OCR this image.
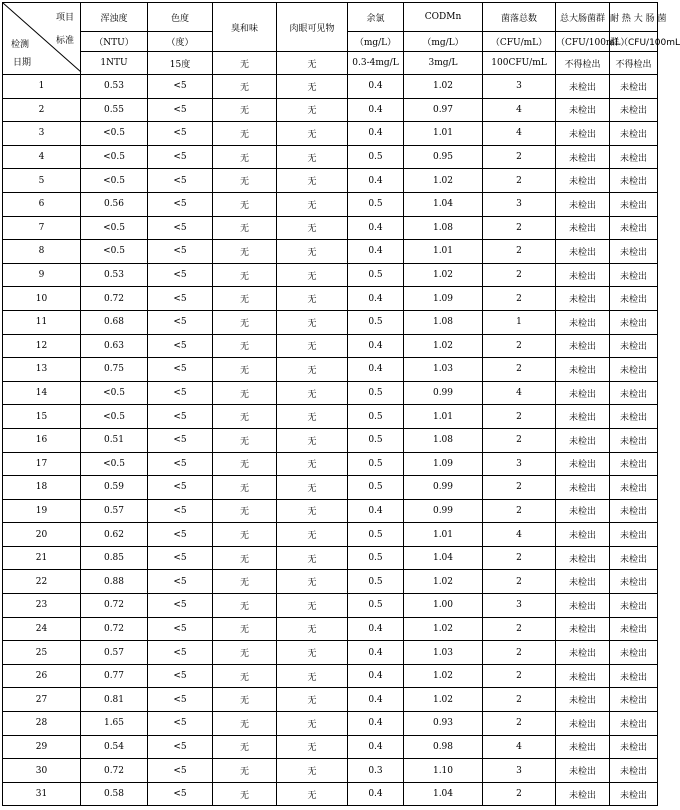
项目
标准
检测
日期	浑浊度	色度	臭和味	肉眼可见物	余氯	CODMn	菌落总数	总大肠菌群	耐 热 大 肠 菌
	（NTU）	（度）			（mg/L）	（mg/L）	（CFU/mL）	（CFU/100mL）	群（CFU/100mL
	1NTU	15度	无	无	0.3-4mg/L	3mg/L	100CFU/mL	不得检出	不得检出
1	0.53	<5	无	无	0.4	1.02	3	未检出	未检出
2	0.55	<5	无	无	0.4	0.97	4	未检出	未检出
3	<0.5	<5	无	无	0.4	1.01	4	未检出	未检出
4	<0.5	<5	无	无	0.5	0.95	2	未检出	未检出
5	<0.5	<5	无	无	0.4	1.02	2	未检出	未检出
6	0.56	<5	无	无	0.5	1.04	3	未检出	未检出
7	<0.5	<5	无	无	0.4	1.08	2	未检出	未检出
8	<0.5	<5	无	无	0.4	1.01	2	未检出	未检出
9	0.53	<5	无	无	0.5	1.02	2	未检出	未检出
10	0.72	<5	无	无	0.4	1.09	2	未检出	未检出
11	0.68	<5	无	无	0.5	1.08	1	未检出	未检出
12	0.63	<5	无	无	0.4	1.02	2	未检出	未检出
13	0.75	<5	无	无	0.4	1.03	2	未检出	未检出
14	<0.5	<5	无	无	0.5	0.99	4	未检出	未检出
15	<0.5	<5	无	无	0.5	1.01	2	未检出	未检出
16	0.51	<5	无	无	0.5	1.08	2	未检出	未检出
17	<0.5	<5	无	无	0.5	1.09	3	未检出	未检出
18	0.59	<5	无	无	0.5	0.99	2	未检出	未检出
19	0.57	<5	无	无	0.4	0.99	2	未检出	未检出
20	0.62	<5	无	无	0.5	1.01	4	未检出	未检出
21	0.85	<5	无	无	0.5	1.04	2	未检出	未检出
22	0.88	<5	无	无	0.5	1.02	2	未检出	未检出
23	0.72	<5	无	无	0.5	1.00	3	未检出	未检出
24	0.72	<5	无	无	0.4	1.02	2	未检出	未检出
25	0.57	<5	无	无	0.4	1.03	2	未检出	未检出
26	0.77	<5	无	无	0.4	1.02	2	未检出	未检出
27	0.81	<5	无	无	0.4	1.02	2	未检出	未检出
28	1.65	<5	无	无	0.4	0.93	2	未检出	未检出
29	0.54	<5	无	无	0.4	0.98	4	未检出	未检出
30	0.72	<5	无	无	0.3	1.10	3	未检出	未检出
31	0.58	<5	无	无	0.4	1.04	2	未检出	未检出
